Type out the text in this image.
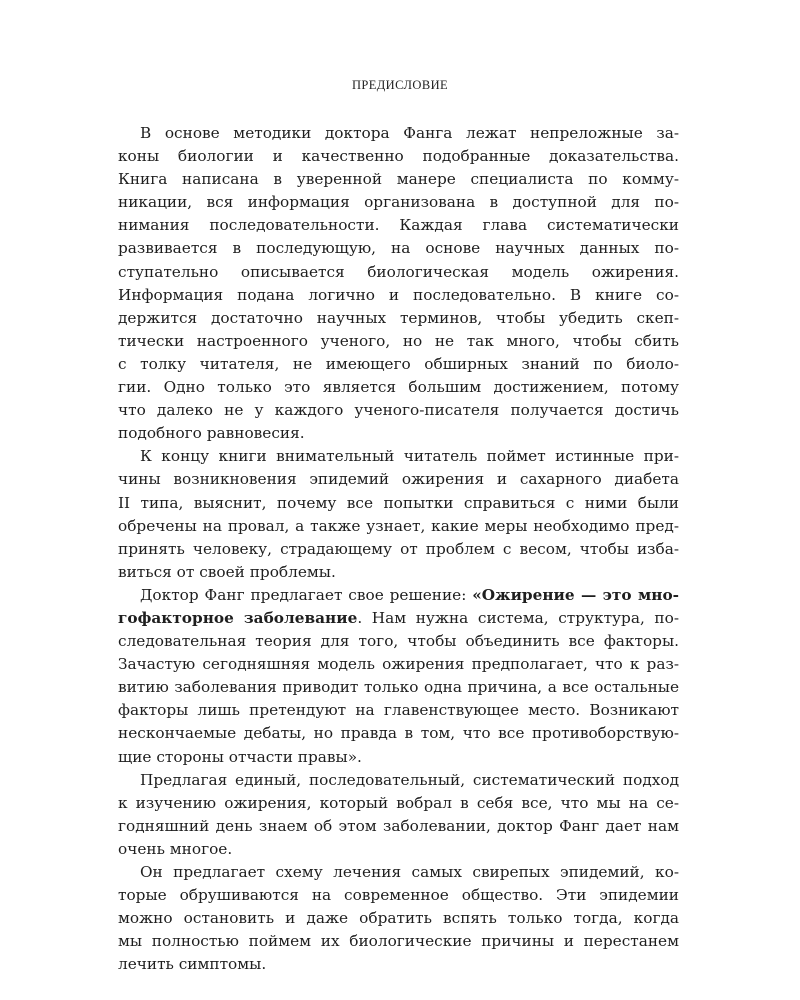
ПРЕДИСЛОВИЕ
В основе методики доктора Фанга лежат непреложные за-
коны биологии и качественно подобранные доказательства.
Книга написана в уверенной манере специалиста по комму-
никации, вся информация организована в доступной для по-
нимания последовательности. Каждая глава систематически
развивается в последующую, на основе научных данных по-
ступательно описывается биологическая модель ожирения.
Информация подана логично и последовательно. В книге со-
держится достаточно научных терминов, чтобы убедить скеп-
тически настроенного ученого, но не так много, чтобы сбить
с толку читателя, не имеющего обширных знаний по биоло-
гии. Одно только это является большим достижением, потому
что далеко не у каждого ученого-писателя получается достичь
подобного равновесия.
К концу книги внимательный читатель поймет истинные при-
чины возникновения эпидемий ожирения и сахарного диабета
II типа, выяснит, почему все попытки справиться с ними были
обречены на провал, а также узнает, какие меры необходимо пред-
принять человеку, страдающему от проблем с весом, чтобы изба-
виться от своей проблемы.
Доктор Фанг предлагает свое решение: «Ожирение — это мно-
гофакторное заболевание. Нам нужна система, структура, по-
следовательная теория для того, чтобы объединить все факторы.
Зачастую сегодняшняя модель ожирения предполагает, что к раз-
витию заболевания приводит только одна причина, а все остальные
факторы лишь претендуют на главенствующее место. Возникают
нескончаемые дебаты, но правда в том, что все противоборствую-
щие стороны отчасти правы».
Предлагая единый, последовательный, систематический подход
к изучению ожирения, который вобрал в себя все, что мы на се-
годняшний день знаем об этом заболевании, доктор Фанг дает нам
очень многое.
Он предлагает схему лечения самых свирепых эпидемий, ко-
торые обрушиваются на современное общество. Эти эпидемии
можно остановить и даже обратить вспять только тогда, когда
мы полностью поймем их биологические причины и перестанем
лечить симптомы.
